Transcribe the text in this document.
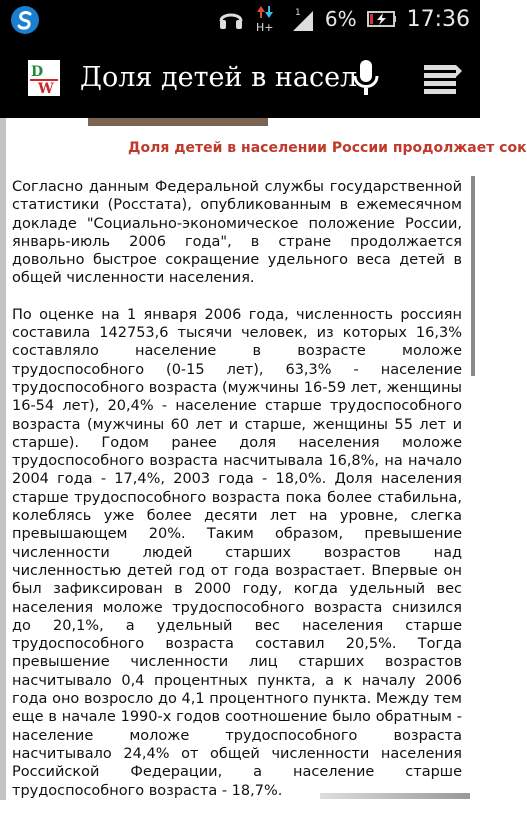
H+
1 6% 17:36
D
W Доля детей в насел
Доля детей в населении России продолжает сок

Согласно данным Федеральной службы государственной статистики (Росстата), опубликованным в ежемесячном докладе "Социально-экономическое положение России, январь-июль 2006 года", в стране продолжается довольно быстрое сокращение удельного веса детей в общей численности населения.

По оценке на 1 января 2006 года, численность россиян составила 142753,6 тысячи человек, из которых 16,3% составляло население в возрасте моложе трудоспособного (0-15 лет), 63,3% - население трудоспособного возраста (мужчины 16-59 лет, женщины 16-54 лет), 20,4% - население старше трудоспособного возраста (мужчины 60 лет и старше, женщины 55 лет и старше). Годом ранее доля населения моложе трудоспособного возраста насчитывала 16,8%, на начало 2004 года - 17,4%, 2003 года - 18,0%. Доля населения старше трудоспособного возраста пока более стабильна, колеблясь уже более десяти лет на уровне, слегка превышающем 20%. Таким образом, превышение численности людей старших возрастов над численностью детей год от года возрастает. Впервые он был зафиксирован в 2000 году, когда удельный вес населения моложе трудоспособного возраста снизился до 20,1%, а удельный вес населения старше трудоспособного возраста составил 20,5%. Тогда превышение численности лиц старших возрастов насчитывало 0,4 процентных пункта, а к началу 2006 года оно возросло до 4,1 процентного пункта. Между тем еще в начале 1990-х годов соотношение было обратным - население моложе трудоспособного возраста насчитывало 24,4% от общей численности населения Российской Федерации, а население старше трудоспособного возраста - 18,7%.
